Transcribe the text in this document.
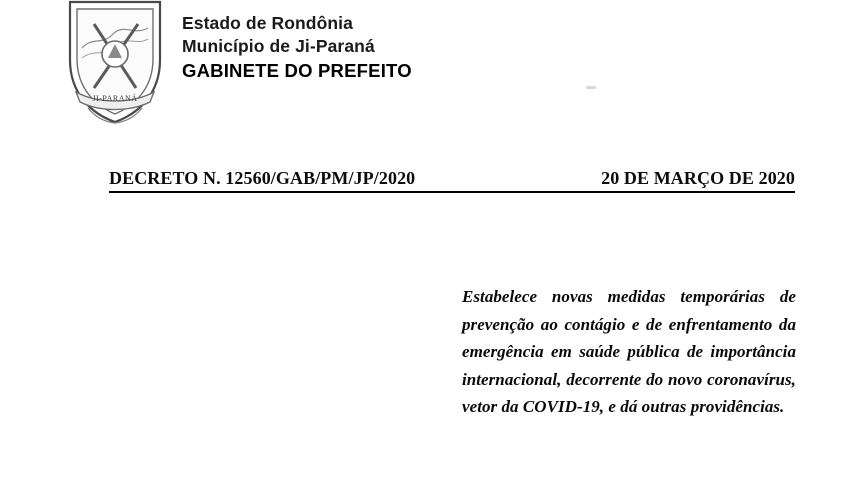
JI-PARANÁ
Estado de Rondônia
Município de Ji-Paraná
GABINETE DO PREFEITO
DECRETO N. 12560/GAB/PM/JP/2020	20 DE MARÇO DE 2020
Estabelece novas medidas temporárias de prevenção ao contágio e de enfrentamento da emergência em saúde pública de importância internacional, decorrente do novo coronavírus, vetor da COVID-19, e dá outras providências.
